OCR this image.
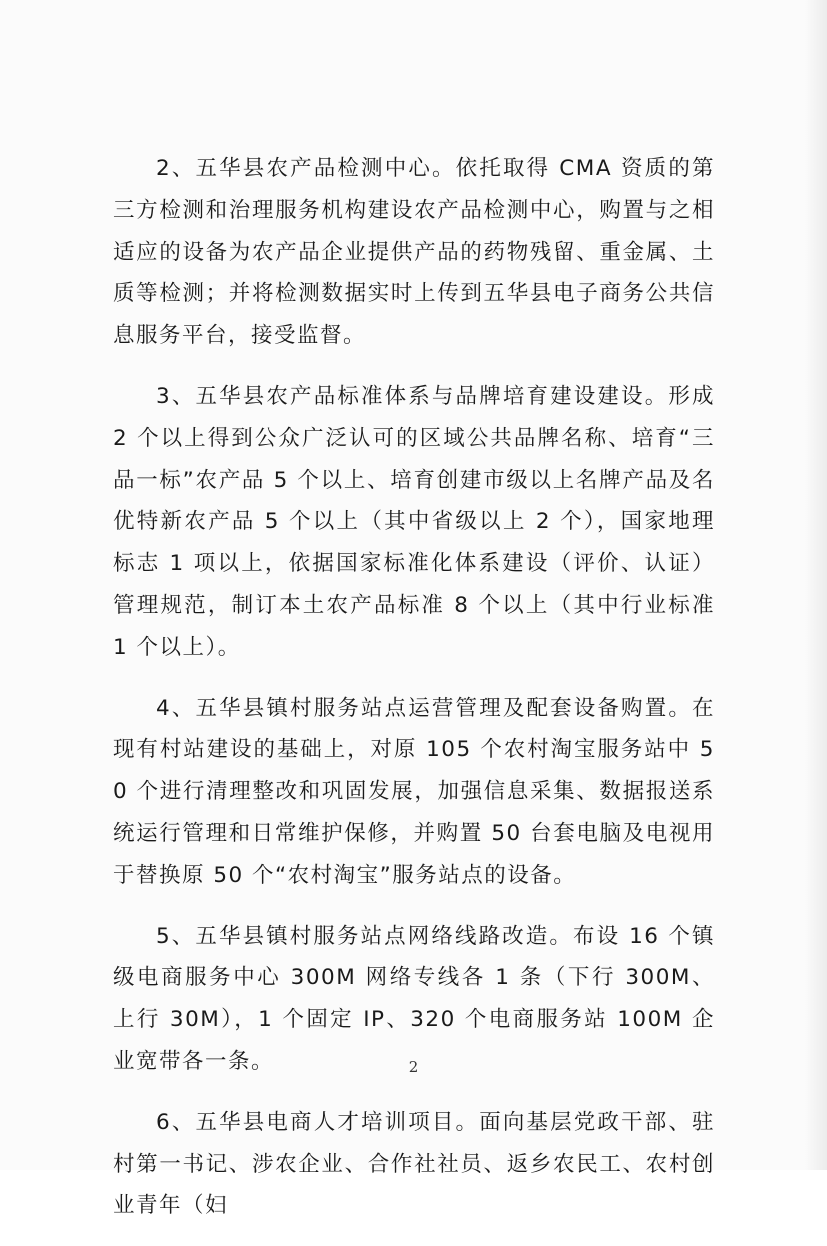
2、五华县农产品检测中心。依托取得 CMA 资质的第三方检测和治理服务机构建设农产品检测中心，购置与之相适应的设备为农产品企业提供产品的药物残留、重金属、土质等检测；并将检测数据实时上传到五华县电子商务公共信息服务平台，接受监督。

3、五华县农产品标准体系与品牌培育建设建设。形成 2 个以上得到公众广泛认可的区域公共品牌名称、培育“三品一标”农产品 5 个以上、培育创建市级以上名牌产品及名优特新农产品 5 个以上（其中省级以上 2 个），国家地理标志 1 项以上，依据国家标准化体系建设（评价、认证）管理规范，制订本土农产品标准 8 个以上（其中行业标准 1 个以上）。

4、五华县镇村服务站点运营管理及配套设备购置。在现有村站建设的基础上，对原 105 个农村淘宝服务站中 50 个进行清理整改和巩固发展，加强信息采集、数据报送系统运行管理和日常维护保修，并购置 50 台套电脑及电视用于替换原 50 个“农村淘宝”服务站点的设备。

5、五华县镇村服务站点网络线路改造。布设 16 个镇级电商服务中心 300M 网络专线各 1 条（下行 300M、上行 30M），1 个固定 IP、320 个电商服务站 100M 企业宽带各一条。

6、五华县电商人才培训项目。面向基层党政干部、驻村第一书记、涉农企业、合作社社员、返乡农民工、农村创业青年（妇

2
